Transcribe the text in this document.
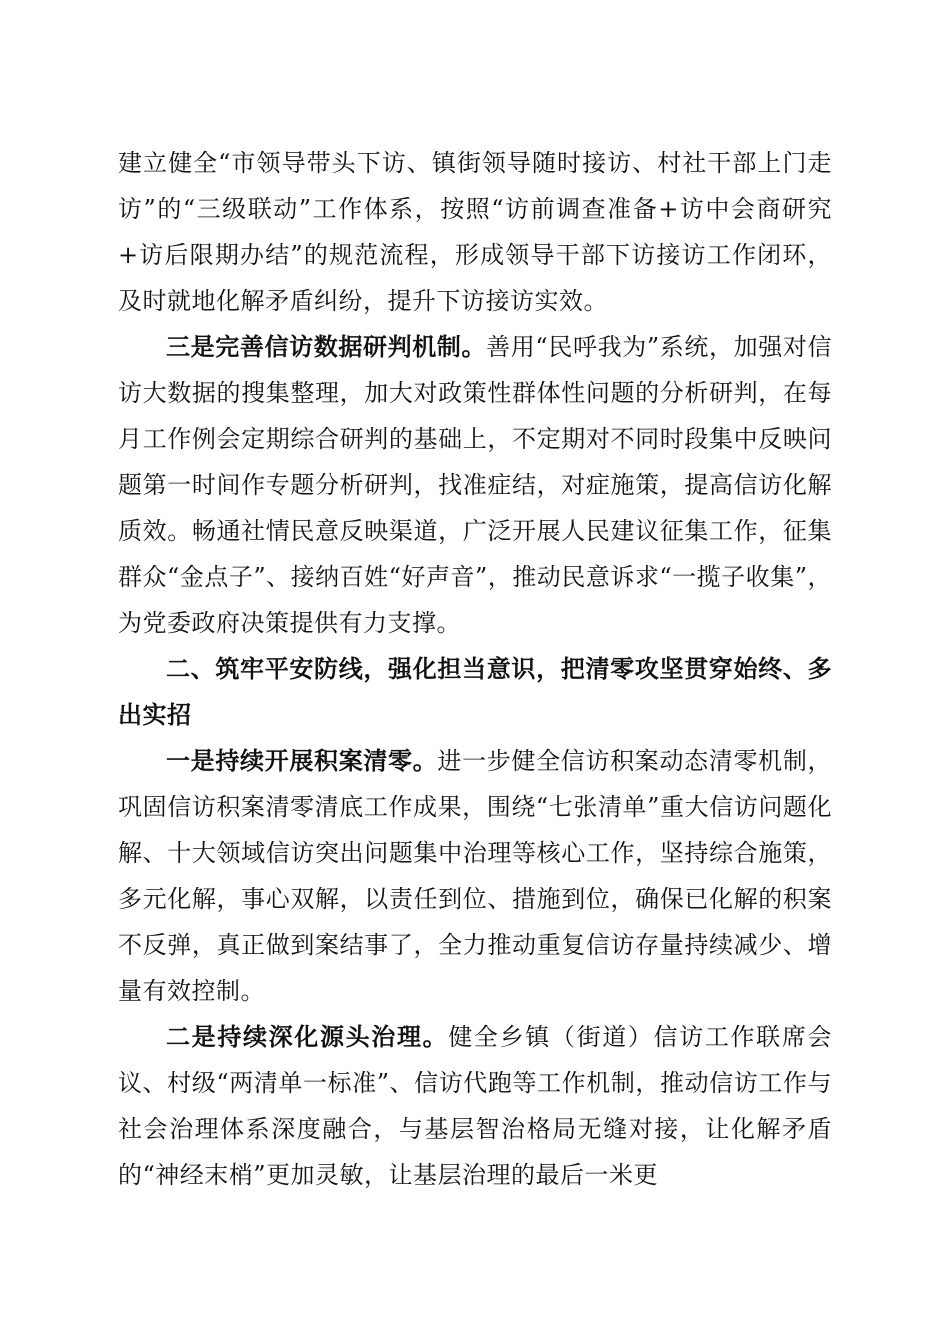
建立健全“市领导带头下访、镇街领导随时接访、村社干部上门走访”的“三级联动”工作体系，按照“访前调查准备+访中会商研究+访后限期办结”的规范流程，形成领导干部下访接访工作闭环，及时就地化解矛盾纠纷，提升下访接访实效。

三是完善信访数据研判机制。善用“民呼我为”系统，加强对信访大数据的搜集整理，加大对政策性群体性问题的分析研判，在每月工作例会定期综合研判的基础上，不定期对不同时段集中反映问题第一时间作专题分析研判，找准症结，对症施策，提高信访化解质效。畅通社情民意反映渠道，广泛开展人民建议征集工作，征集群众“金点子”、接纳百姓“好声音”，推动民意诉求“一揽子收集”，为党委政府决策提供有力支撑。

二、筑牢平安防线，强化担当意识，把清零攻坚贯穿始终、多出实招

一是持续开展积案清零。进一步健全信访积案动态清零机制，巩固信访积案清零清底工作成果，围绕“七张清单”重大信访问题化解、十大领域信访突出问题集中治理等核心工作，坚持综合施策，多元化解，事心双解，以责任到位、措施到位，确保已化解的积案不反弹，真正做到案结事了，全力推动重复信访存量持续减少、增量有效控制。

二是持续深化源头治理。健全乡镇（街道）信访工作联席会议、村级“两清单一标准”、信访代跑等工作机制，推动信访工作与社会治理体系深度融合，与基层智治格局无缝对接，让化解矛盾的“神经末梢”更加灵敏，让基层治理的最后一米更
